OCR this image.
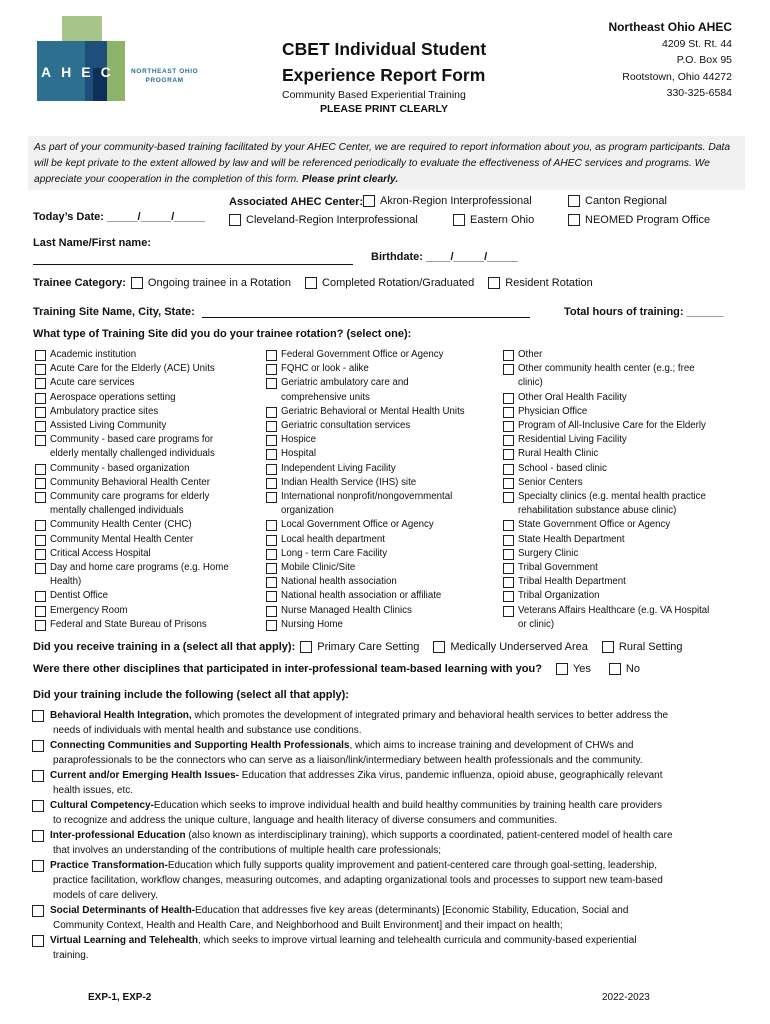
AHEC NORTHEAST OHIO
PROGRAM
CBET Individual Student
Experience Report Form
Community Based Experiential Training
PLEASE PRINT CLEARLY
Northeast Ohio AHEC
4209 St. Rt. 44
P.O. Box 95
Rootstown, Ohio 44272
330-325-6584
As part of your community-based training facilitated by your AHEC Center, we are required to report information about you, as program participants. Data will be kept private to the extent allowed by law and will be referenced periodically to evaluate the effectiveness of AHEC services and programs. We appreciate your cooperation in the completion of this form. Please print clearly.
Today’s Date: _____/_____/_____
Associated AHEC Center: Akron-Region Interprofessional	Canton Regional
Cleveland-Region Interprofessional	Eastern Ohio	NEOMED Program Office
Last Name/First name:
Birthdate: ____/_____/_____
Trainee Category: Ongoing trainee in a Rotation	Completed Rotation/Graduated	Resident Rotation
Training Site Name, City, State:	Total hours of training: ______
What type of Training Site did you do your trainee rotation? (select one):
Academic institution
Acute Care for the Elderly (ACE) Units
Acute care services
Aerospace operations setting
Ambulatory practice sites
Assisted Living Community
Community - based care programs for
elderly mentally challenged individuals
Community - based organization
Community Behavioral Health Center
Community care programs for elderly
mentally challenged individuals
Community Health Center (CHC)
Community Mental Health Center
Critical Access Hospital
Day and home care programs (e.g. Home
Health)
Dentist Office
Emergency Room
Federal and State Bureau of Prisons
Federal Government Office or Agency
FQHC or look - alike
Geriatric ambulatory care and
comprehensive units
Geriatric Behavioral or Mental Health Units
Geriatric consultation services
Hospice
Hospital
Independent Living Facility
Indian Health Service (IHS) site
International nonprofit/nongovernmental
organization
Local Government Office or Agency
Local health department
Long - term Care Facility
Mobile Clinic/Site
National health association
National health association or affiliate
Nurse Managed Health Clinics
Nursing Home
Other
Other community health center (e.g.; free
clinic)
Other Oral Health Facility
Physician Office
Program of All-Inclusive Care for the Elderly
Residential Living Facility
Rural Health Clinic
School - based clinic
Senior Centers
Specialty clinics (e.g. mental health practice
rehabilitation substance abuse clinic)
State Government Office or Agency
State Health Department
Surgery Clinic
Tribal Government
Tribal Health Department
Tribal Organization
Veterans Affairs Healthcare (e.g. VA Hospital
or clinic)
Did you receive training in a (select all that apply): Primary Care Setting	Medically Underserved Area	Rural Setting
Were there other disciplines that participated in inter-professional team-based learning with you?	Yes	No
Did your training include the following (select all that apply):
Behavioral Health Integration, which promotes the development of integrated primary and behavioral health services to better address the
needs of individuals with mental health and substance use conditions.
Connecting Communities and Supporting Health Professionals, which aims to increase training and development of CHWs and
paraprofessionals to be the connectors who can serve as a liaison/link/intermediary between health professionals and the community.
Current and/or Emerging Health Issues- Education that addresses Zika virus, pandemic influenza, opioid abuse, geographically relevant
health issues, etc.
Cultural Competency-Education which seeks to improve individual health and build healthy communities by training health care providers
to recognize and address the unique culture, language and health literacy of diverse consumers and communities.
Inter-professional Education (also known as interdisciplinary training), which supports a coordinated, patient-centered model of health care
that involves an understanding of the contributions of multiple health care professionals;
Practice Transformation-Education which fully supports quality improvement and patient-centered care through goal-setting, leadership,
practice facilitation, workflow changes, measuring outcomes, and adapting organizational tools and processes to support new team-based
models of care delivery.
Social Determinants of Health-Education that addresses five key areas (determinants) [Economic Stability, Education, Social and
Community Context, Health and Health Care, and Neighborhood and Built Environment] and their impact on health;
Virtual Learning and Telehealth, which seeks to improve virtual learning and telehealth curricula and community-based experiential
training.
EXP-1, EXP-2	2022-2023
